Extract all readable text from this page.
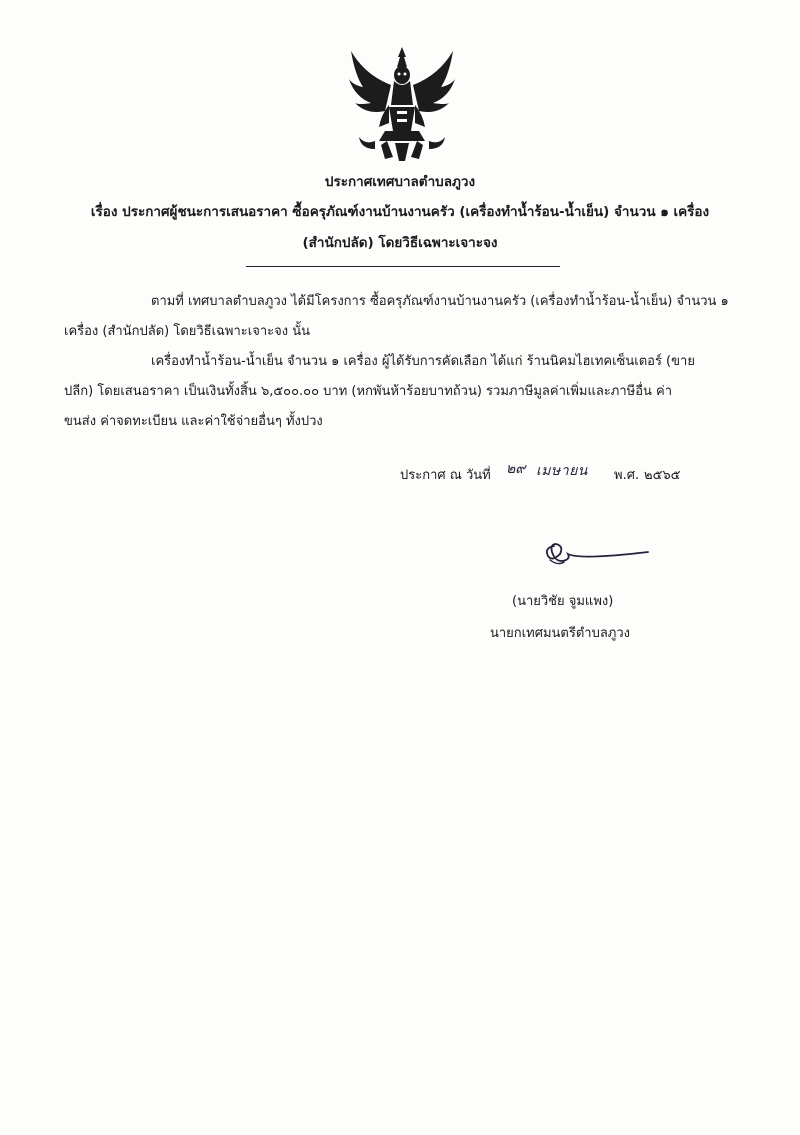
ประกาศเทศบาลตำบลภูวง
เรื่อง ประกาศผู้ชนะการเสนอราคา ซื้อครุภัณฑ์งานบ้านงานครัว (เครื่องทำน้ำร้อน-น้ำเย็น) จำนวน ๑ เครื่อง
(สำนักปลัด) โดยวิธีเฉพาะเจาะจง
ตามที่ เทศบาลตำบลภูวง ได้มีโครงการ ซื้อครุภัณฑ์งานบ้านงานครัว (เครื่องทำน้ำร้อน-น้ำเย็น) จำนวน ๑
เครื่อง (สำนักปลัด) โดยวิธีเฉพาะเจาะจง นั้น
เครื่องทำน้ำร้อน-น้ำเย็น จำนวน ๑ เครื่อง ผู้ได้รับการคัดเลือก ได้แก่ ร้านนิคมไฮเทคเซ็นเตอร์ (ขาย
ปลีก) โดยเสนอราคา เป็นเงินทั้งสิ้น ๖,๕๐๐.๐๐ บาท (หกพันห้าร้อยบาทถ้วน) รวมภาษีมูลค่าเพิ่มและภาษีอื่น ค่า
ขนส่ง ค่าจดทะเบียน และค่าใช้จ่ายอื่นๆ ทั้งปวง
ประกาศ ณ วันที่ ๒๙ เมษายน พ.ศ. ๒๕๖๕
(นายวิชัย จูมแพง)
นายกเทศมนตรีตำบลภูวง
